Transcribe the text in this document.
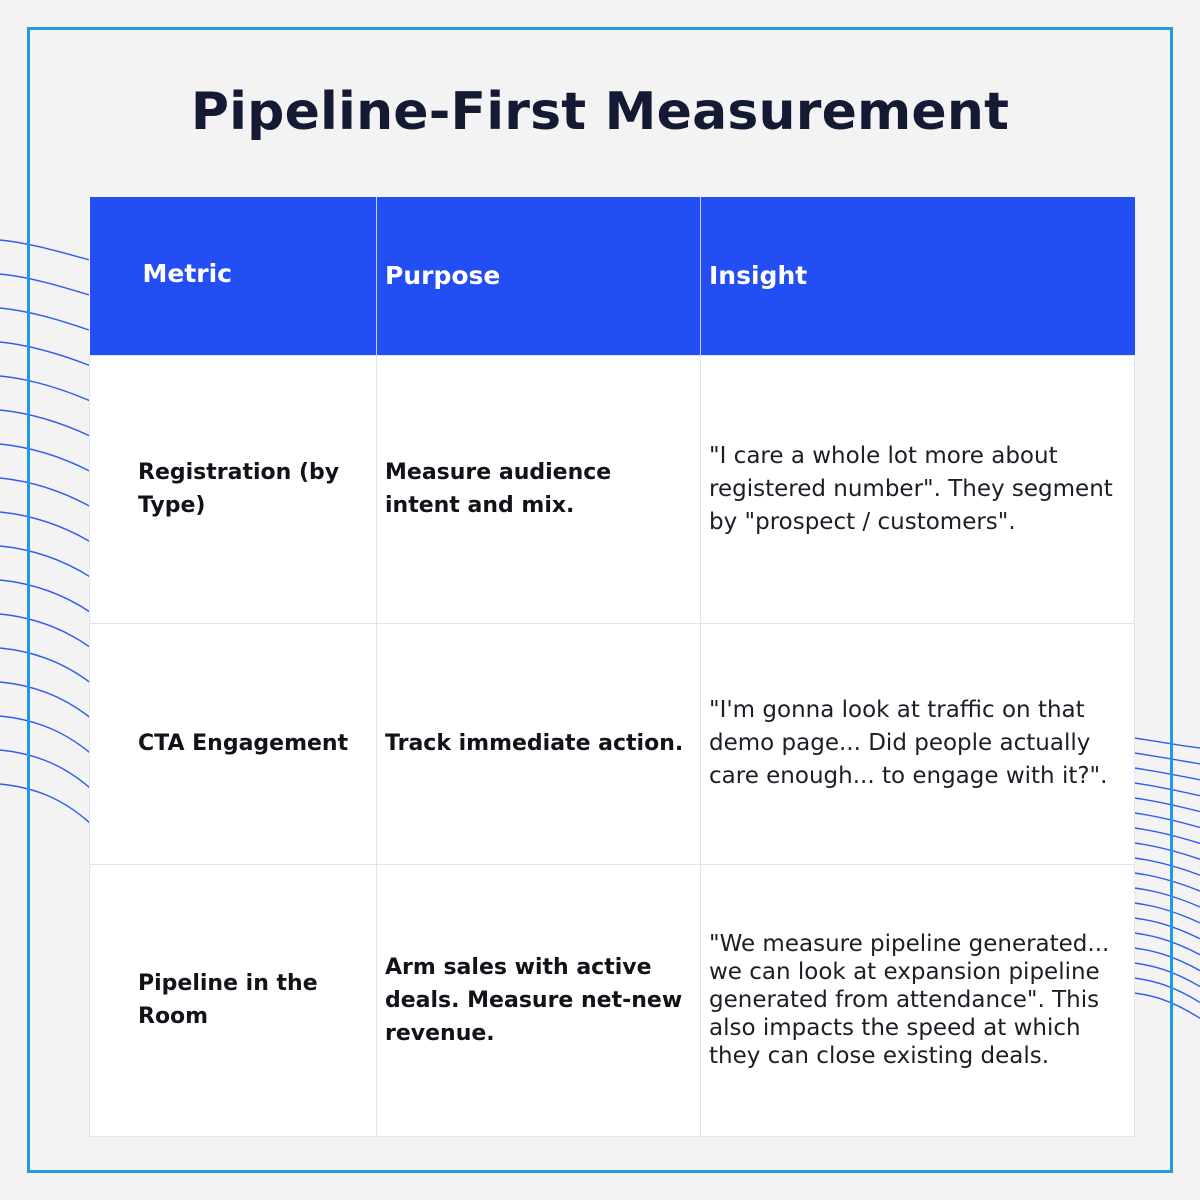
Pipeline-First Measurement
Metric	Purpose	Insight
Registration (by Type)	Measure audience intent and mix.	"I care a whole lot more about registered number". They segment by "prospect / customers".
CTA Engagement	Track immediate action.	"I'm gonna look at traffic on that demo page... Did people actually care enough... to engage with it?".
Pipeline in the Room	Arm sales with active deals. Measure net-new revenue.	"We measure pipeline generated... we can look at expansion pipeline generated from attendance". This also impacts the speed at which they can close existing deals.
